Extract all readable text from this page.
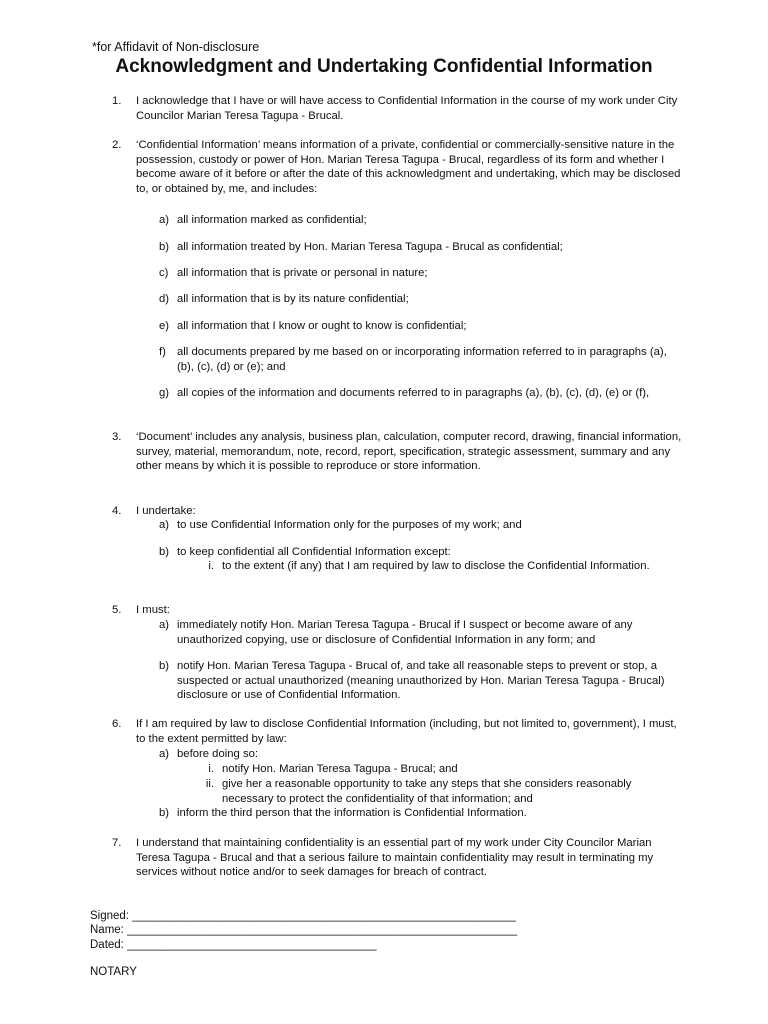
*for Affidavit of Non-disclosure
Acknowledgment and Undertaking Confidential Information
1.	I acknowledge that I have or will have access to Confidential Information in the course of my work under City Councilor Marian Teresa Tagupa - Brucal.
2.	‘Confidential Information’ means information of a private, confidential or commercially-sensitive nature in the possession, custody or power of Hon. Marian Teresa Tagupa - Brucal, regardless of its form and whether I become aware of it before or after the date of this acknowledgment and undertaking, which may be disclosed to, or obtained by, me, and includes:
a) all information marked as confidential;
b) all information treated by Hon. Marian Teresa Tagupa - Brucal as confidential;
c) all information that is private or personal in nature;
d) all information that is by its nature confidential;
e) all information that I know or ought to know is confidential;
f) all documents prepared by me based on or incorporating information referred to in paragraphs (a), (b), (c), (d) or (e); and
g) all copies of the information and documents referred to in paragraphs (a), (b), (c), (d), (e) or (f),
3.	‘Document’ includes any analysis, business plan, calculation, computer record, drawing, financial information, survey, material, memorandum, note, record, report, specification, strategic assessment, summary and any other means by which it is possible to reproduce or store information.
4.	I undertake:
a) to use Confidential Information only for the purposes of my work; and
b) to keep confidential all Confidential Information except:
i. to the extent (if any) that I am required by law to disclose the Confidential Information.
5.	I must:
a) immediately notify Hon. Marian Teresa Tagupa - Brucal if I suspect or become aware of any unauthorized copying, use or disclosure of Confidential Information in any form; and
b) notify Hon. Marian Teresa Tagupa - Brucal of, and take all reasonable steps to prevent or stop, a suspected or actual unauthorized (meaning unauthorized by Hon. Marian Teresa Tagupa - Brucal) disclosure or use of Confidential Information.
6.	If I am required by law to disclose Confidential Information (including, but not limited to, government), I must, to the extent permitted by law:
a) before doing so:
i. notify Hon. Marian Teresa Tagupa - Brucal; and
ii. give her a reasonable opportunity to take any steps that she considers reasonably necessary to protect the confidentiality of that information; and
b) inform the third person that the information is Confidential Information.
7.	I understand that maintaining confidentiality is an essential part of my work under City Councilor Marian Teresa Tagupa - Brucal and that a serious failure to maintain confidentiality may result in terminating my services without notice and/or to seek damages for breach of contract.
Signed: ____________________________________________________________
Name: _____________________________________________________________
Dated: _______________________________________
NOTARY
